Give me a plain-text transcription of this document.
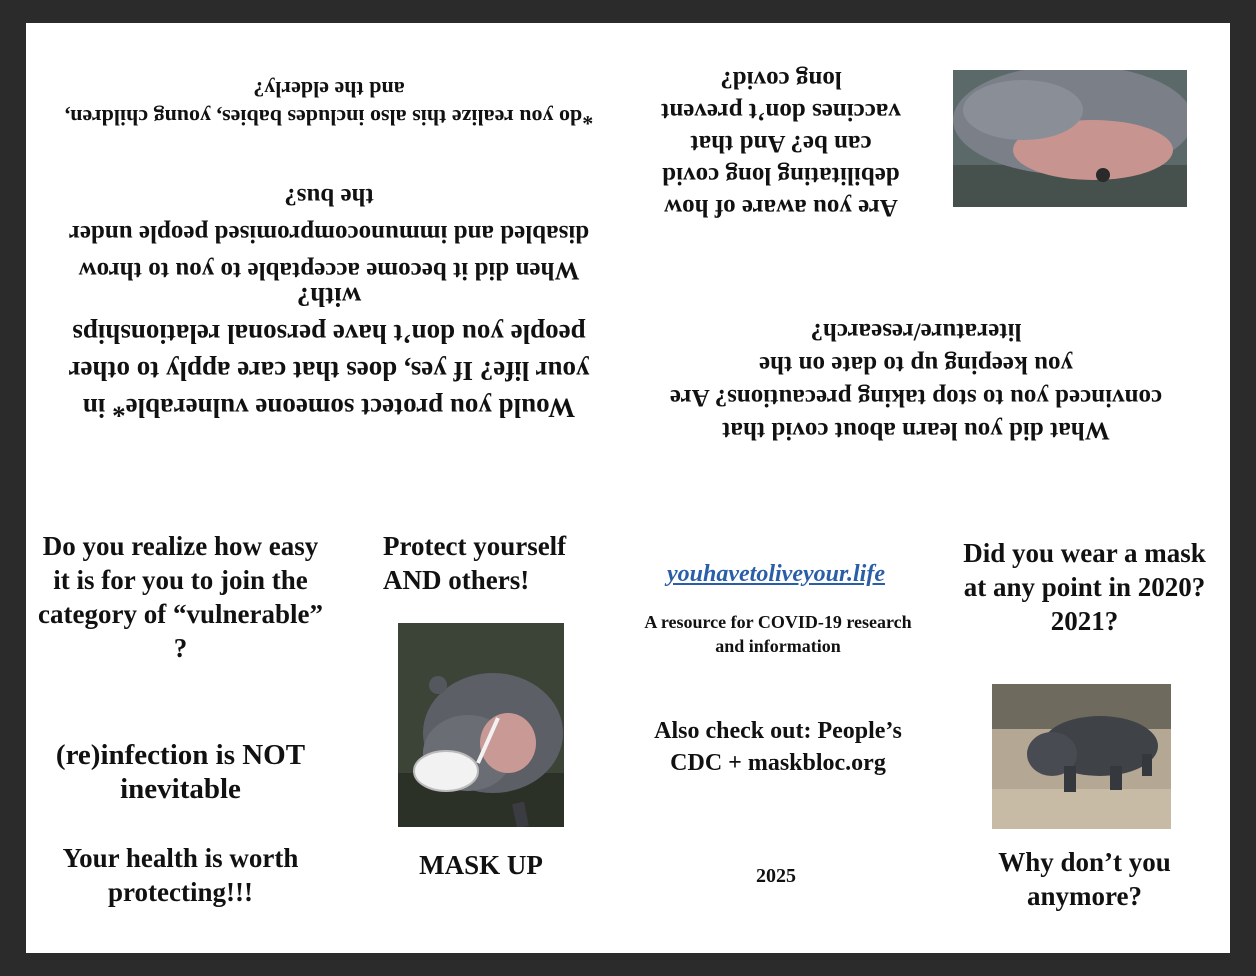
Would you protect someone vulnerable* in your life? If yes, does that care apply to other people you don’t have personal relationships with?
When did it become acceptable to you to throw disabled and immunocompromised people under the bus?
*do you realize this also includes babies, young children, and the elderly?
What did you learn about covid that convinced you to stop taking precautions? Are you keeping up to date on the literature/research?
Are you aware of how debilitating long covid can be? And that vaccines don’t prevent long covid?
Do you realize how easy it is for you to join the category of “vulnerable” ?
(re)infection is NOT inevitable
Your health is worth protecting!!!
Protect yourself AND others!
MASK UP
youhavetoliveyour.life
A resource for COVID-19 research and information
Also check out: People’s CDC + maskbloc.org
2025
Did you wear a mask at any point in 2020? 2021?
Why don’t you anymore?
